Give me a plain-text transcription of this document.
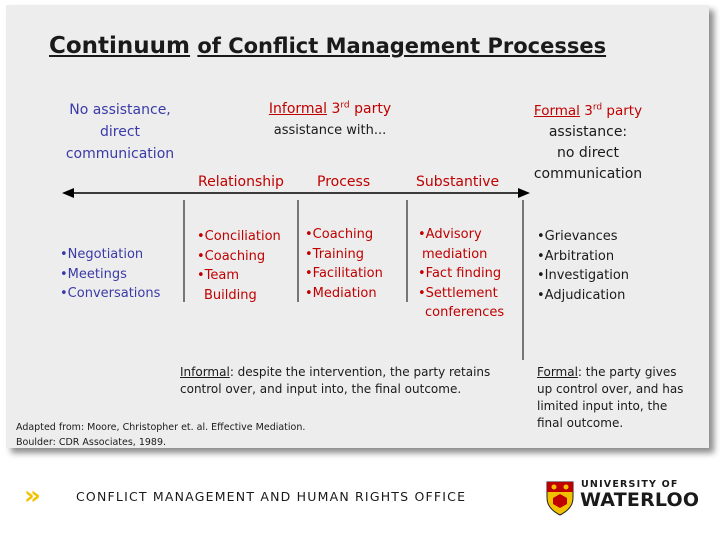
Continuum of Conflict Management Processes
No assistance,
direct
communication
Informal 3rd party
assistance with...
Formal 3rd party
assistance:
no direct
communication
Relationship Process	Substantive
•Negotiation
•Meetings
•Conversations
•Conciliation
•Coaching
•Team
Building
•Coaching
•Training
•Facilitation
•Mediation
•Advisory
mediation
•Fact finding
•Settlement
conferences
•Grievances
•Arbitration
•Investigation
•Adjudication
Informal: despite the intervention, the party retains control over, and input into, the final outcome.
Formal: the party gives up control over, and has limited input into, the final outcome.
Adapted from: Moore, Christopher et. al. Effective Mediation.
Boulder: CDR Associates, 1989.
»	CONFLICT MANAGEMENT AND HUMAN RIGHTS OFFICE
UNIVERSITY OF
WATERLOO
